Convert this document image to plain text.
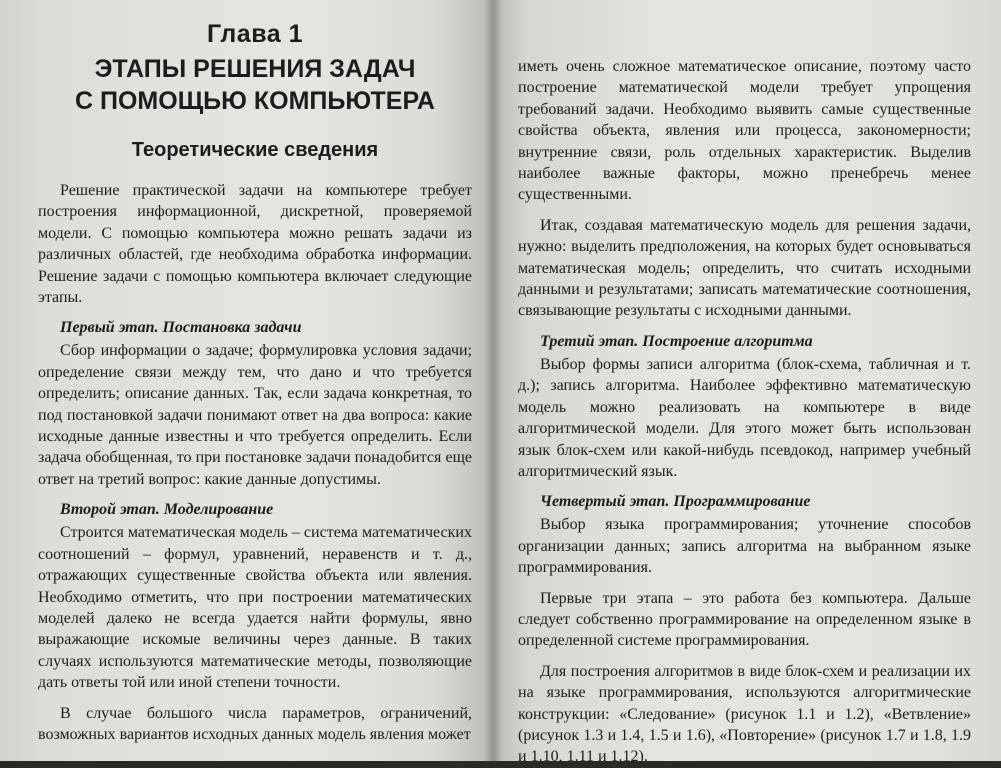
Глава 1
ЭТАПЫ РЕШЕНИЯ ЗАДАЧ
С ПОМОЩЬЮ КОМПЬЮТЕРА
Теоретические сведения

Решение практической задачи на компьютере требует построения информационной, дискретной, проверяемой модели. С помощью компьютера можно решать задачи из различных областей, где необходима обработка информации. Решение задачи с помощью компьютера включает следующие этапы.

Первый этап. Постановка задачи

Сбор информации о задаче; формулировка условия задачи; определение связи между тем, что дано и что требуется определить; описание данных. Так, если задача конкретная, то под постановкой задачи понимают ответ на два вопроса: какие исходные данные известны и что требуется определить. Если задача обобщенная, то при постановке задачи понадобится еще ответ на третий вопрос: какие данные допустимы.

Второй этап. Моделирование

Строится математическая модель – система математических соотношений – формул, уравнений, неравенств и т. д., отражающих существенные свойства объекта или явления. Необходимо отметить, что при построении математических моделей далеко не всегда удается найти формулы, явно выражающие искомые величины через данные. В таких случаях используются математические методы, позволяющие дать ответы той или иной степени точности.

В случае большого числа параметров, ограничений, возможных вариантов исходных данных модель явления может

иметь очень сложное математическое описание, поэтому часто построение математической модели требует упрощения требований задачи. Необходимо выявить самые существенные свойства объекта, явления или процесса, закономерности; внутренние связи, роль отдельных характеристик. Выделив наиболее важные факторы, можно пренебречь менее существенными.

Итак, создавая математическую модель для решения задачи, нужно: выделить предположения, на которых будет основываться математическая модель; определить, что считать исходными данными и результатами; записать математические соотношения, связывающие результаты с исходными данными.

Третий этап. Построение алгоритма

Выбор формы записи алгоритма (блок-схема, табличная и т. д.); запись алгоритма. Наиболее эффективно математическую модель можно реализовать на компьютере в виде алгоритмической модели. Для этого может быть использован язык блок-схем или какой-нибудь псевдокод, например учебный алгоритмический язык.

Четвертый этап. Программирование

Выбор языка программирования; уточнение способов организации данных; запись алгоритма на выбранном языке программирования.

Первые три этапа – это работа без компьютера. Дальше следует собственно программирование на определенном языке в определенной системе программирования.

Для построения алгоритмов в виде блок-схем и реализации их на языке программирования, используются алгоритмические конструкции: «Следование» (рисунок 1.1 и 1.2), «Ветвление» (рисунок 1.3 и 1.4, 1.5 и 1.6), «Повторение» (рисунок 1.7 и 1.8, 1.9 и 1.10, 1.11 и 1.12).
